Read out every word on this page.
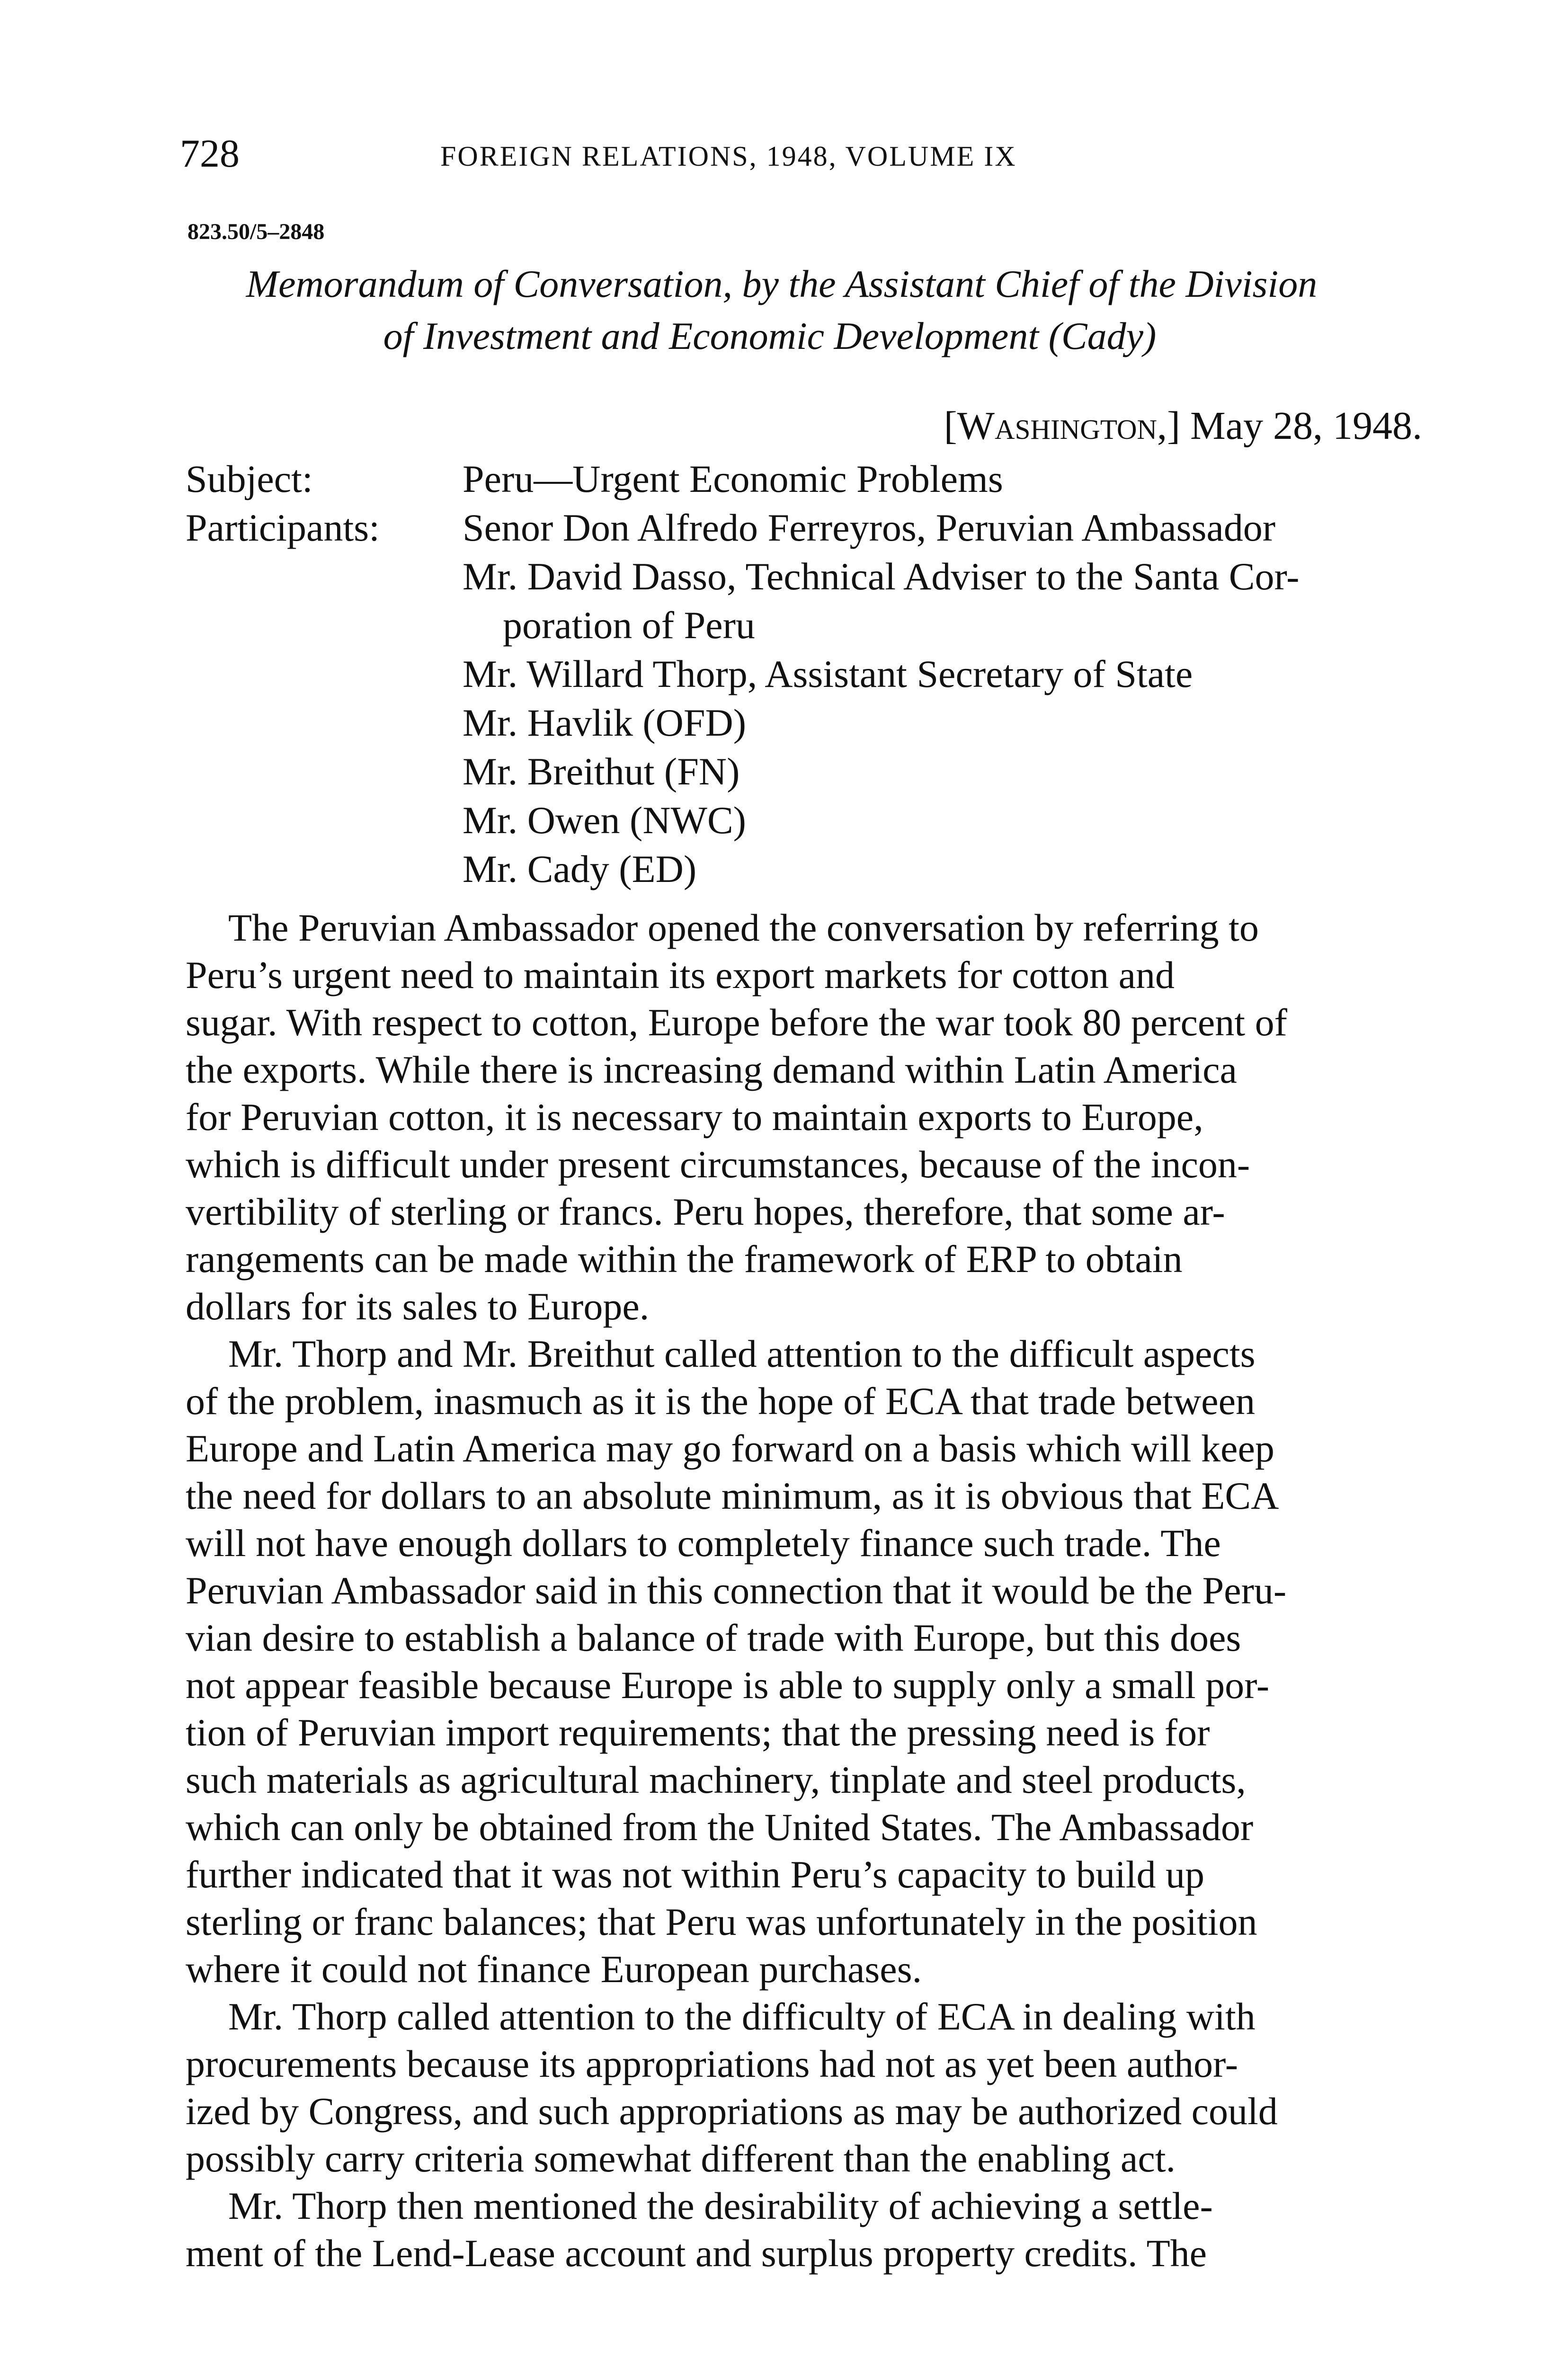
728	FOREIGN RELATIONS, 1948, VOLUME IX
823.50/5–2848
Memorandum of Conversation, by the Assistant Chief of the Division
of Investment and Economic Development (Cady)
[Washington,] May 28, 1948.
Subject:	Peru—Urgent Economic Problems
Participants:	Senor Don Alfredo Ferreyros, Peruvian Ambassador
Mr. David Dasso, Technical Adviser to the Santa Cor-
poration of Peru
Mr. Willard Thorp, Assistant Secretary of State
Mr. Havlik (OFD)
Mr. Breithut (FN)
Mr. Owen (NWC)
Mr. Cady (ED)

The Peruvian Ambassador opened the conversation by referring to
Peru’s urgent need to maintain its export markets for cotton and
sugar. With respect to cotton, Europe before the war took 80 percent of
the exports. While there is increasing demand within Latin America
for Peruvian cotton, it is necessary to maintain exports to Europe,
which is difficult under present circumstances, because of the incon-
vertibility of sterling or francs. Peru hopes, therefore, that some ar-
rangements can be made within the framework of ERP to obtain
dollars for its sales to Europe.

Mr. Thorp and Mr. Breithut called attention to the difficult aspects
of the problem, inasmuch as it is the hope of ECA that trade between
Europe and Latin America may go forward on a basis which will keep
the need for dollars to an absolute minimum, as it is obvious that ECA
will not have enough dollars to completely finance such trade. The
Peruvian Ambassador said in this connection that it would be the Peru-
vian desire to establish a balance of trade with Europe, but this does
not appear feasible because Europe is able to supply only a small por-
tion of Peruvian import requirements; that the pressing need is for
such materials as agricultural machinery, tinplate and steel products,
which can only be obtained from the United States. The Ambassador
further indicated that it was not within Peru’s capacity to build up
sterling or franc balances; that Peru was unfortunately in the position
where it could not finance European purchases.

Mr. Thorp called attention to the difficulty of ECA in dealing with
procurements because its appropriations had not as yet been author-
ized by Congress, and such appropriations as may be authorized could
possibly carry criteria somewhat different than the enabling act.

Mr. Thorp then mentioned the desirability of achieving a settle-
ment of the Lend-Lease account and surplus property credits. The
